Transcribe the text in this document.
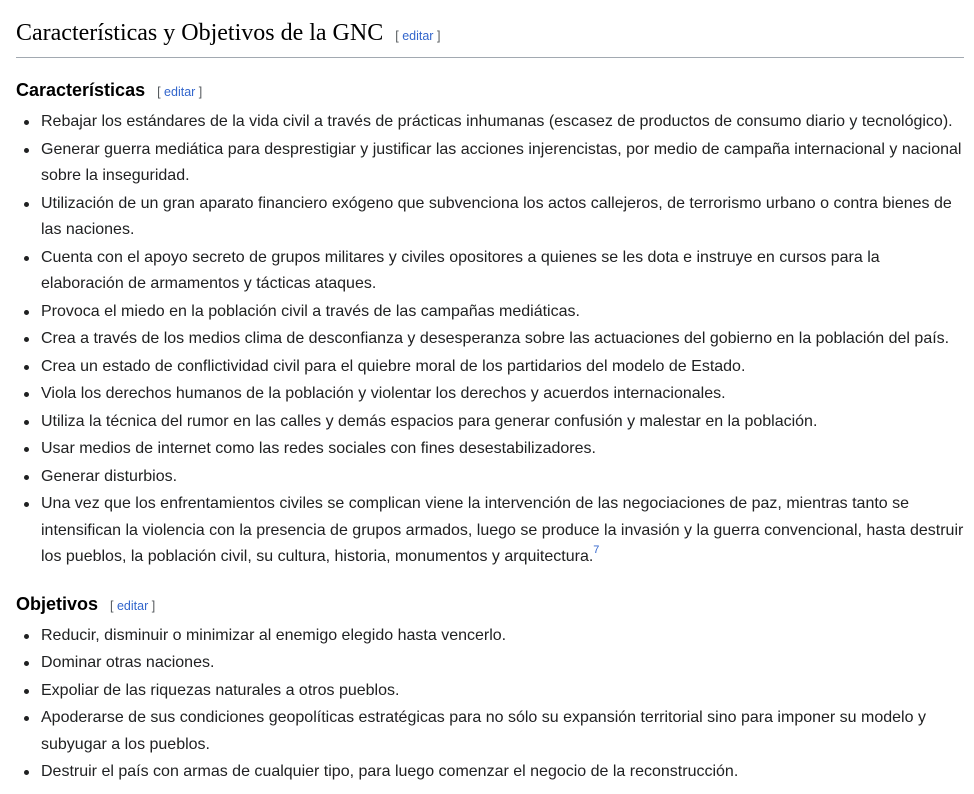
Características y Objetivos de la GNC [ editar ]
Características [ editar ]
Rebajar los estándares de la vida civil a través de prácticas inhumanas (escasez de productos de consumo diario y tecnológico).
Generar guerra mediática para desprestigiar y justificar las acciones injerencistas, por medio de campaña internacional y nacional sobre la inseguridad.
Utilización de un gran aparato financiero exógeno que subvenciona los actos callejeros, de terrorismo urbano o contra bienes de las naciones.
Cuenta con el apoyo secreto de grupos militares y civiles opositores a quienes se les dota e instruye en cursos para la elaboración de armamentos y tácticas ataques.
Provoca el miedo en la población civil a través de las campañas mediáticas.
Crea a través de los medios clima de desconfianza y desesperanza sobre las actuaciones del gobierno en la población del país.
Crea un estado de conflictividad civil para el quiebre moral de los partidarios del modelo de Estado.
Viola los derechos humanos de la población y violentar los derechos y acuerdos internacionales.
Utiliza la técnica del rumor en las calles y demás espacios para generar confusión y malestar en la población.
Usar medios de internet como las redes sociales con fines desestabilizadores.
Generar disturbios.
Una vez que los enfrentamientos civiles se complican viene la intervención de las negociaciones de paz, mientras tanto se intensifican la violencia con la presencia de grupos armados, luego se produce la invasión y la guerra convencional, hasta destruir los pueblos, la población civil, su cultura, historia, monumentos y arquitectura.$^7$
Objetivos [ editar ]
Reducir, disminuir o minimizar al enemigo elegido hasta vencerlo.
Dominar otras naciones.
Expoliar de las riquezas naturales a otros pueblos.
Apoderarse de sus condiciones geopolíticas estratégicas para no sólo su expansión territorial sino para imponer su modelo y subyugar a los pueblos.
Destruir el país con armas de cualquier tipo, para luego comenzar el negocio de la reconstrucción.
